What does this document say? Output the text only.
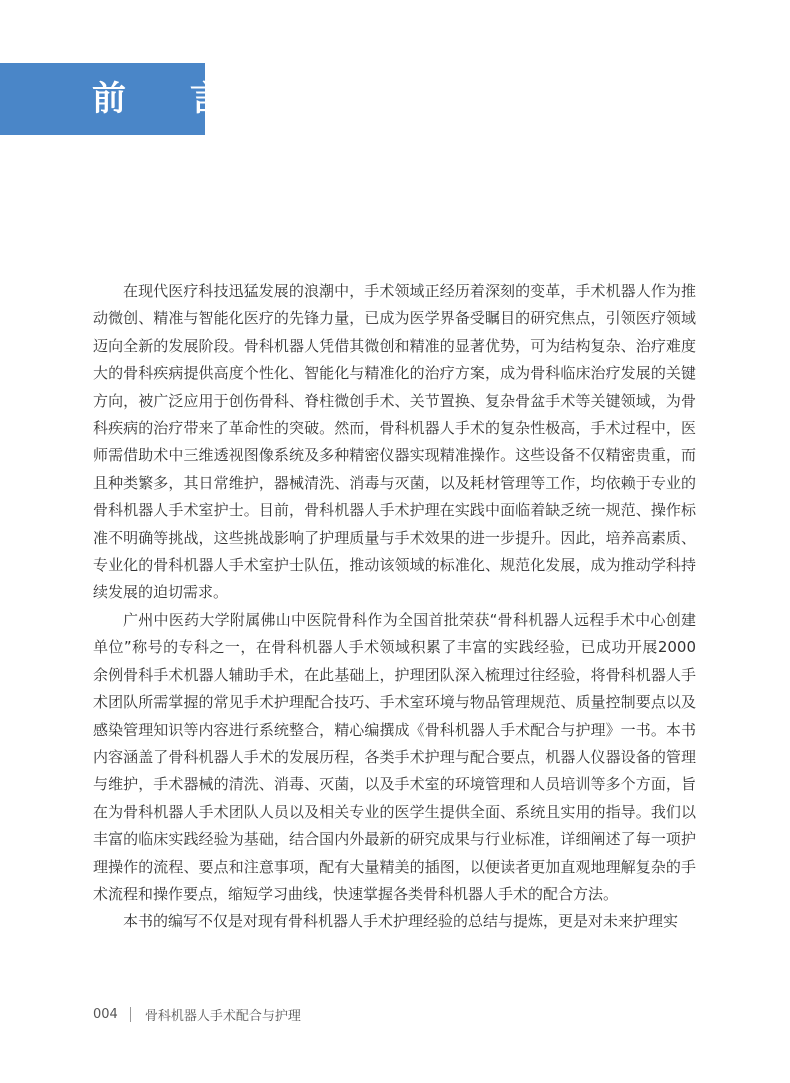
前 言

在现代医疗科技迅猛发展的浪潮中，手术领域正经历着深刻的变革，手术机器人作为推动微创、精准与智能化医疗的先锋力量，已成为医学界备受瞩目的研究焦点，引领医疗领域迈向全新的发展阶段。骨科机器人凭借其微创和精准的显著优势，可为结构复杂、治疗难度大的骨科疾病提供高度个性化、智能化与精准化的治疗方案，成为骨科临床治疗发展的关键方向，被广泛应用于创伤骨科、脊柱微创手术、关节置换、复杂骨盆手术等关键领域，为骨科疾病的治疗带来了革命性的突破。然而，骨科机器人手术的复杂性极高，手术过程中，医师需借助术中三维透视图像系统及多种精密仪器实现精准操作。这些设备不仅精密贵重，而且种类繁多，其日常维护，器械清洗、消毒与灭菌，以及耗材管理等工作，均依赖于专业的骨科机器人手术室护士。目前，骨科机器人手术护理在实践中面临着缺乏统一规范、操作标准不明确等挑战，这些挑战影响了护理质量与手术效果的进一步提升。因此，培养高素质、专业化的骨科机器人手术室护士队伍，推动该领域的标准化、规范化发展，成为推动学科持续发展的迫切需求。

广州中医药大学附属佛山中医院骨科作为全国首批荣获“骨科机器人远程手术中心创建单位”称号的专科之一，在骨科机器人手术领域积累了丰富的实践经验，已成功开展2000 余例骨科手术机器人辅助手术，在此基础上，护理团队深入梳理过往经验，将骨科机器人手术团队所需掌握的常见手术护理配合技巧、手术室环境与物品管理规范、质量控制要点以及感染管理知识等内容进行系统整合，精心编撰成《骨科机器人手术配合与护理》一书。本书内容涵盖了骨科机器人手术的发展历程，各类手术护理与配合要点，机器人仪器设备的管理与维护，手术器械的清洗、消毒、灭菌，以及手术室的环境管理和人员培训等多个方面，旨在为骨科机器人手术团队人员以及相关专业的医学生提供全面、系统且实用的指导。我们以丰富的临床实践经验为基础，结合国内外最新的研究成果与行业标准，详细阐述了每一项护理操作的流程、要点和注意事项，配有大量精美的插图，以便读者更加直观地理解复杂的手术流程和操作要点，缩短学习曲线，快速掌握各类骨科机器人手术的配合方法。

本书的编写不仅是对现有骨科机器人手术护理经验的总结与提炼，更是对未来护理实

004 骨科机器人手术配合与护理
